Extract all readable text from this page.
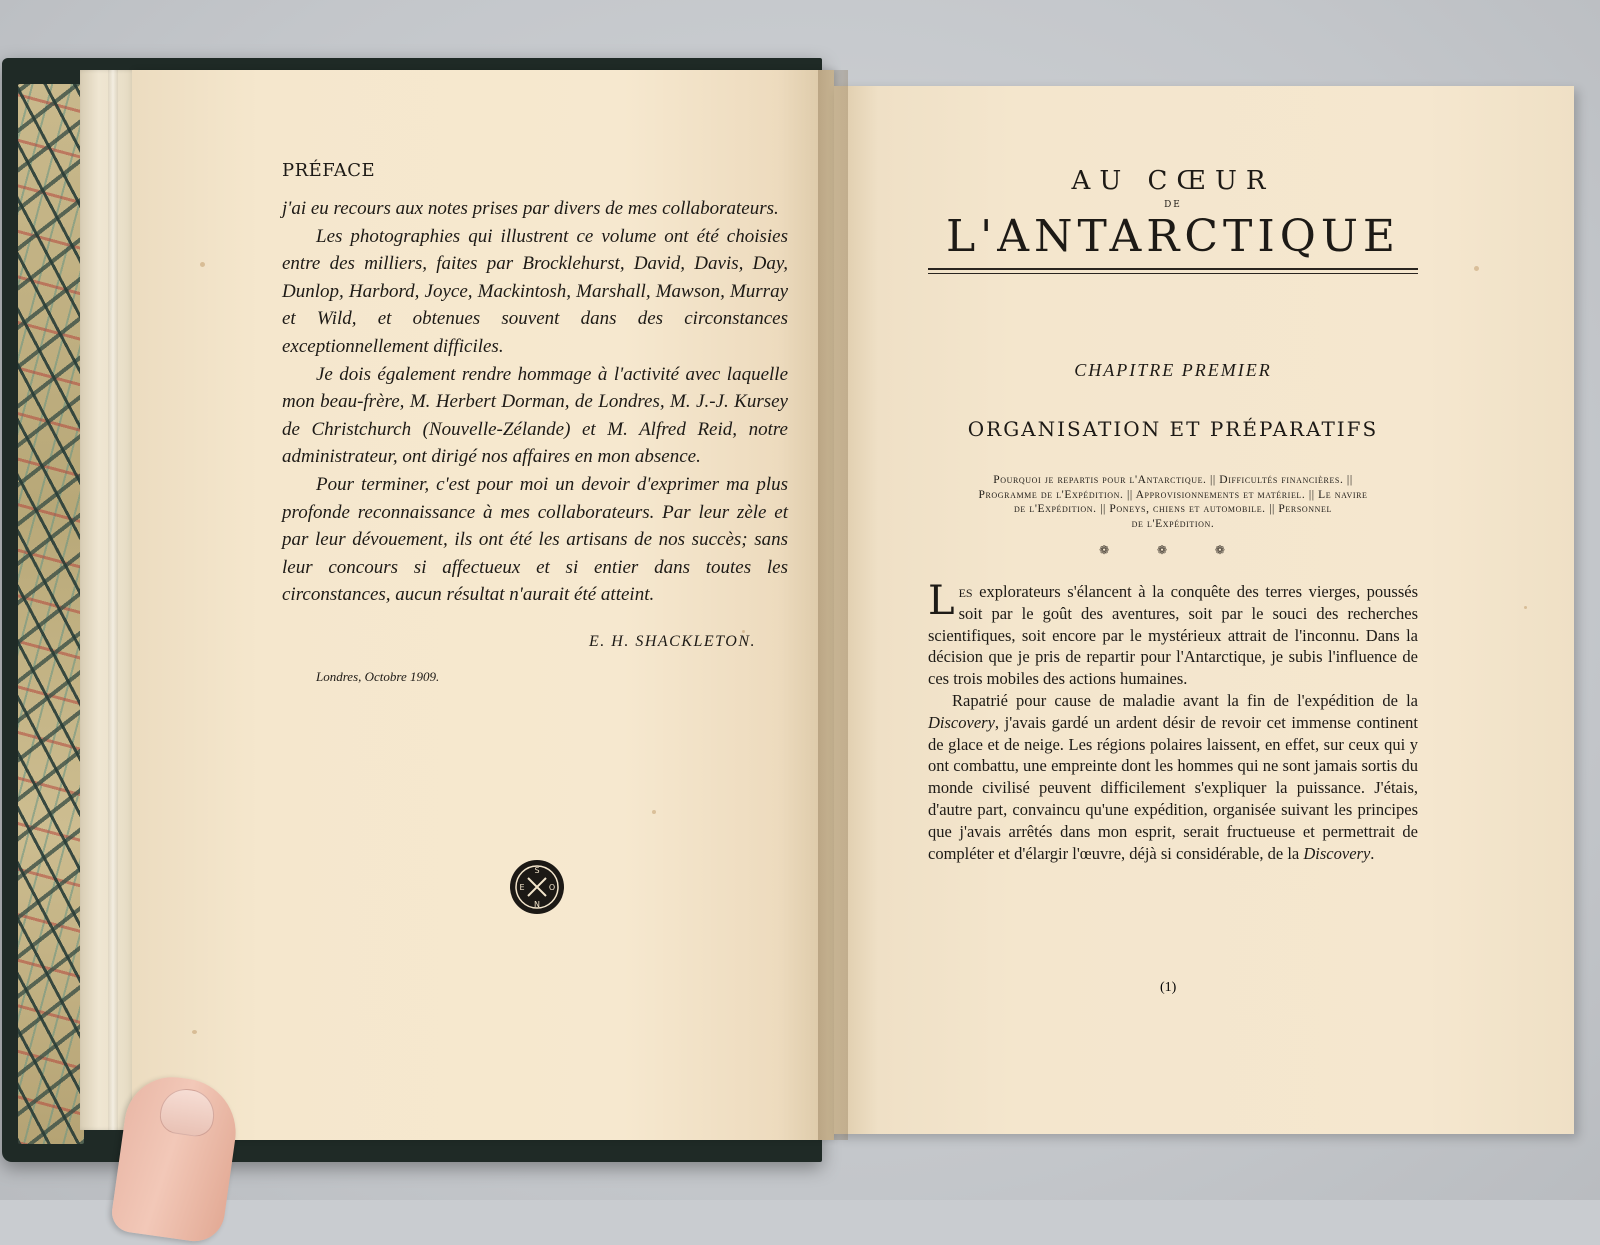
PRÉFACE

j'ai eu recours aux notes prises par divers de mes collaborateurs.

Les photographies qui illustrent ce volume ont été choisies entre des milliers, faites par Brocklehurst, David, Davis, Day, Dunlop, Harbord, Joyce, Mackintosh, Marshall, Mawson, Murray et Wild, et obtenues souvent dans des circonstances exceptionnellement difficiles.

Je dois également rendre hommage à l'activité avec laquelle mon beau-frère, M. Herbert Dorman, de Londres, M. J.-J. Kursey de Christchurch (Nouvelle-Zélande) et M. Alfred Reid, notre administrateur, ont dirigé nos affaires en mon absence.

Pour terminer, c'est pour moi un devoir d'exprimer ma plus profonde reconnaissance à mes collaborateurs. Par leur zèle et par leur dévouement, ils ont été les artisans de nos succès; sans leur concours si affectueux et si entier dans toutes les circonstances, aucun résultat n'aurait été atteint.

E. H. SHACKLETON.
Londres, Octobre 1909.
S
O
N
E
AU CŒUR
DE
L'ANTARCTIQUE
CHAPITRE PREMIER
ORGANISATION ET PRÉPARATIFS
Pourquoi je repartis pour l'Antarctique. || Difficultés financières. ||
Programme de l'Expédition. || Approvisionnements et matériel. || Le navire
de l'Expédition. || Poneys, chiens et automobile. || Personnel
de l'Expédition.
❁ ❁ ❁

Les explorateurs s'élancent à la conquête des terres vierges, poussés soit par le goût des aventures, soit par le souci des recherches scientifiques, soit encore par le mystérieux attrait de l'inconnu. Dans la décision que je pris de repartir pour l'Antarctique, je subis l'influence de ces trois mobiles des actions humaines.

Rapatrié pour cause de maladie avant la fin de l'expédition de la Discovery, j'avais gardé un ardent désir de revoir cet immense continent de glace et de neige. Les régions polaires laissent, en effet, sur ceux qui y ont combattu, une empreinte dont les hommes qui ne sont jamais sortis du monde civilisé peuvent difficilement s'expliquer la puissance. J'étais, d'autre part, convaincu qu'une expédition, organisée suivant les principes que j'avais arrêtés dans mon esprit, serait fructueuse et permettrait de compléter et d'élargir l'œuvre, déjà si considérable, de la Discovery.

(1)
